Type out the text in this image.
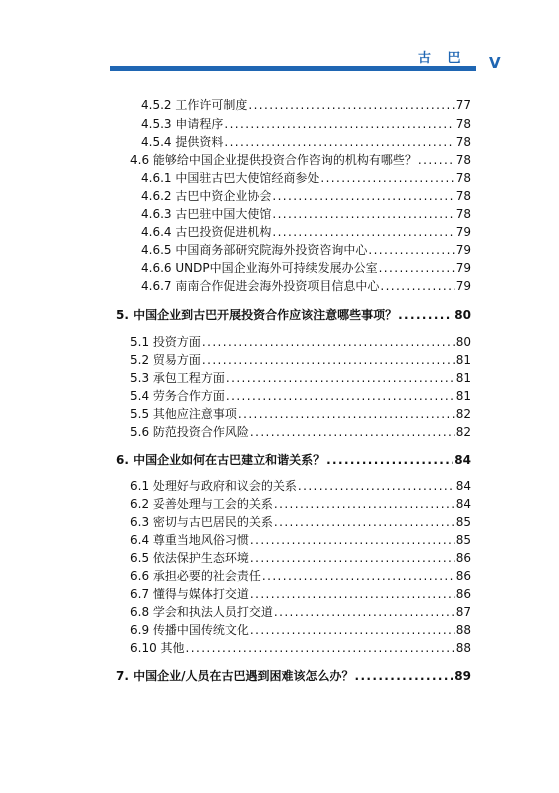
古 巴 V
4.5.2 工作许可制度 .....	77
4.5.3 申请程序 .....	78
4.5.4 提供资料 .....	78
4.6 能够给中国企业提供投资合作咨询的机构有哪些？ .....	78
4.6.1 中国驻古巴大使馆经商参处 .....	78
4.6.2 古巴中资企业协会 .....	78
4.6.3 古巴驻中国大使馆 .....	78
4.6.4 古巴投资促进机构 .....	79
4.6.5 中国商务部研究院海外投资咨询中心 .....	79
4.6.6 UNDP中国企业海外可持续发展办公室 .....	79
4.6.7 南南合作促进会海外投资项目信息中心 .....	79
5. 中国企业到古巴开展投资合作应该注意哪些事项？ .....	80
5.1 投资方面 .....	80
5.2 贸易方面 .....	81
5.3 承包工程方面 .....	81
5.4 劳务合作方面 .....	81
5.5 其他应注意事项 .....	82
5.6 防范投资合作风险 .....	82
6. 中国企业如何在古巴建立和谐关系？ .....	84
6.1 处理好与政府和议会的关系 .....	84
6.2 妥善处理与工会的关系 .....	84
6.3 密切与古巴居民的关系 .....	85
6.4 尊重当地风俗习惯 .....	85
6.5 依法保护生态环境 .....	86
6.6 承担必要的社会责任 .....	86
6.7 懂得与媒体打交道 .....	86
6.8 学会和执法人员打交道 .....	87
6.9 传播中国传统文化 .....	88
6.10 其他 .....	88
7. 中国企业/人员在古巴遇到困难该怎么办？ .....	89
